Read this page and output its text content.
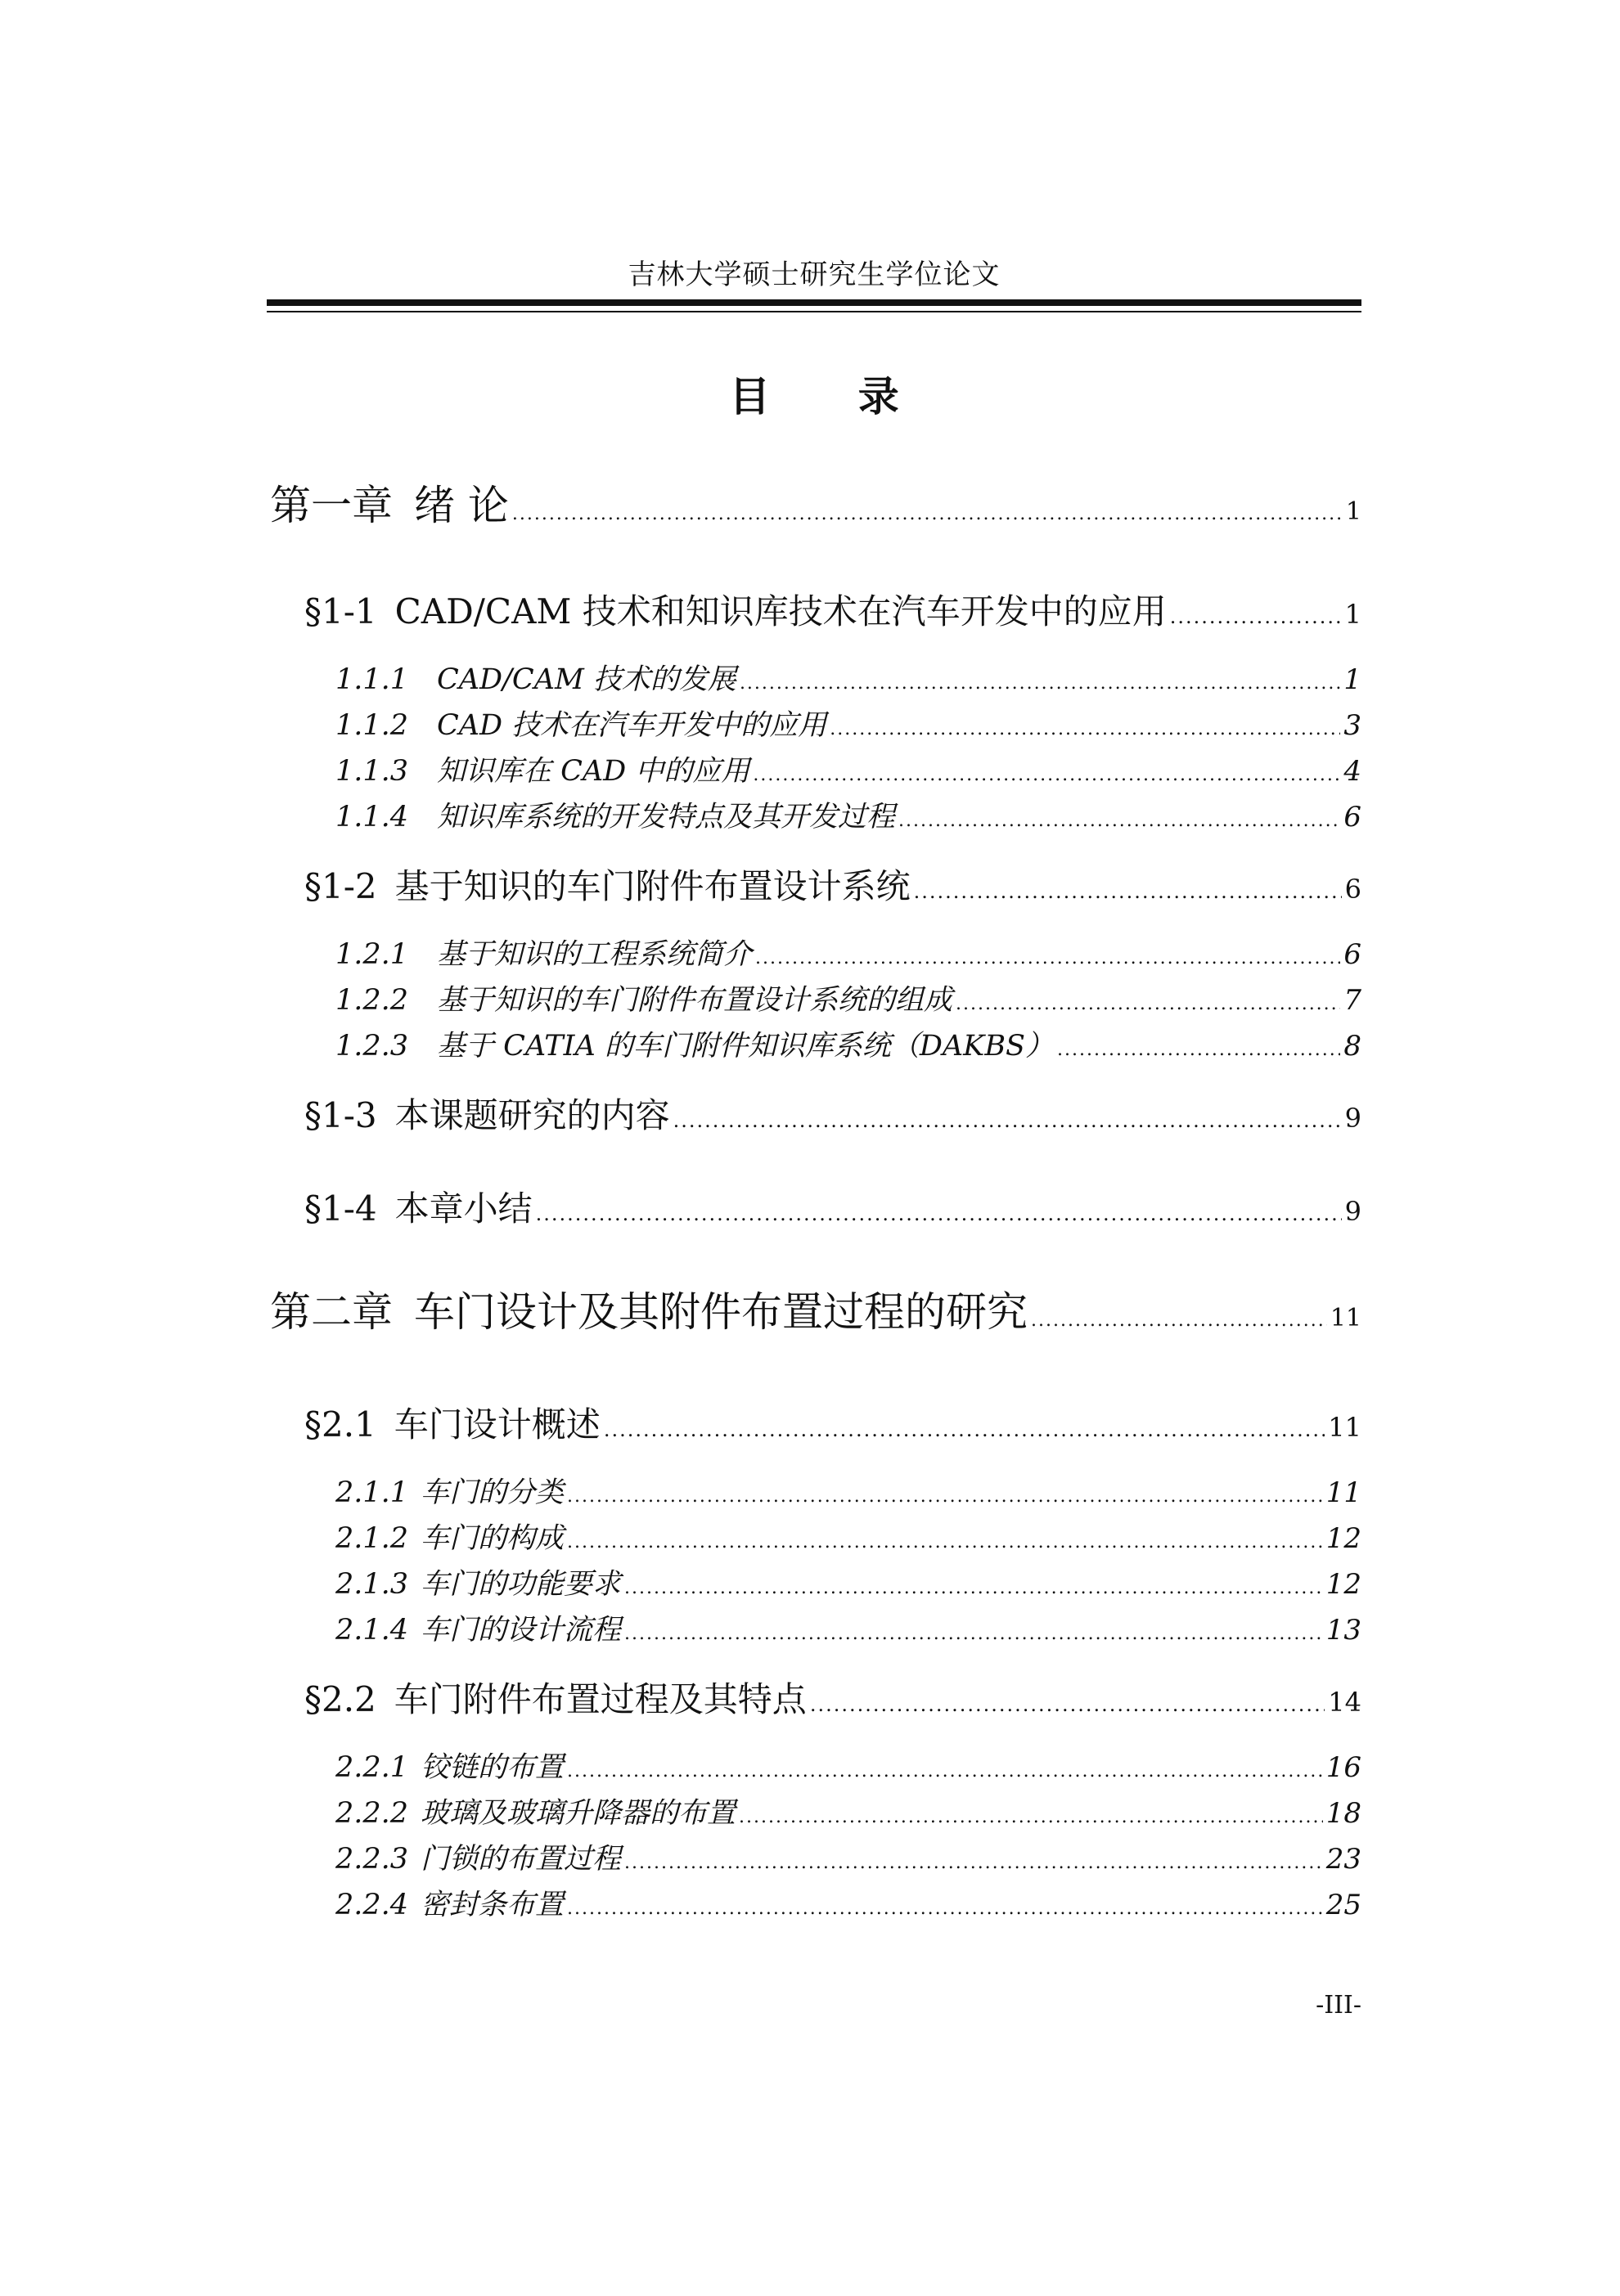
吉林大学硕士研究生学位论文
目 录
第一章 绪 论 .....	1
§1-1 CAD/CAM 技术和知识库技术在汽车开发中的应用 .....	1
1.1.1 CAD/CAM 技术的发展 .....	1
1.1.2 CAD 技术在汽车开发中的应用 .....	3
1.1.3 知识库在 CAD 中的应用 .....	4
1.1.4 知识库系统的开发特点及其开发过程 .....	6
§1-2 基于知识的车门附件布置设计系统 .....	6
1.2.1 基于知识的工程系统简介 .....	6
1.2.2 基于知识的车门附件布置设计系统的组成 .....	7
1.2.3 基于 CATIA 的车门附件知识库系统（DAKBS） .....	8
§1-3 本课题研究的内容 .....	9
§1-4 本章小结 .....	9
第二章 车门设计及其附件布置过程的研究 .....	11
§2.1 车门设计概述 .....	11
2.1.1 车门的分类 .....	11
2.1.2 车门的构成 .....	12
2.1.3 车门的功能要求 .....	12
2.1.4 车门的设计流程 .....	13
§2.2 车门附件布置过程及其特点 .....	14
2.2.1 铰链的布置 .....	16
2.2.2 玻璃及玻璃升降器的布置 .....	18
2.2.3 门锁的布置过程 .....	23
2.2.4 密封条布置 .....	25
-III-
